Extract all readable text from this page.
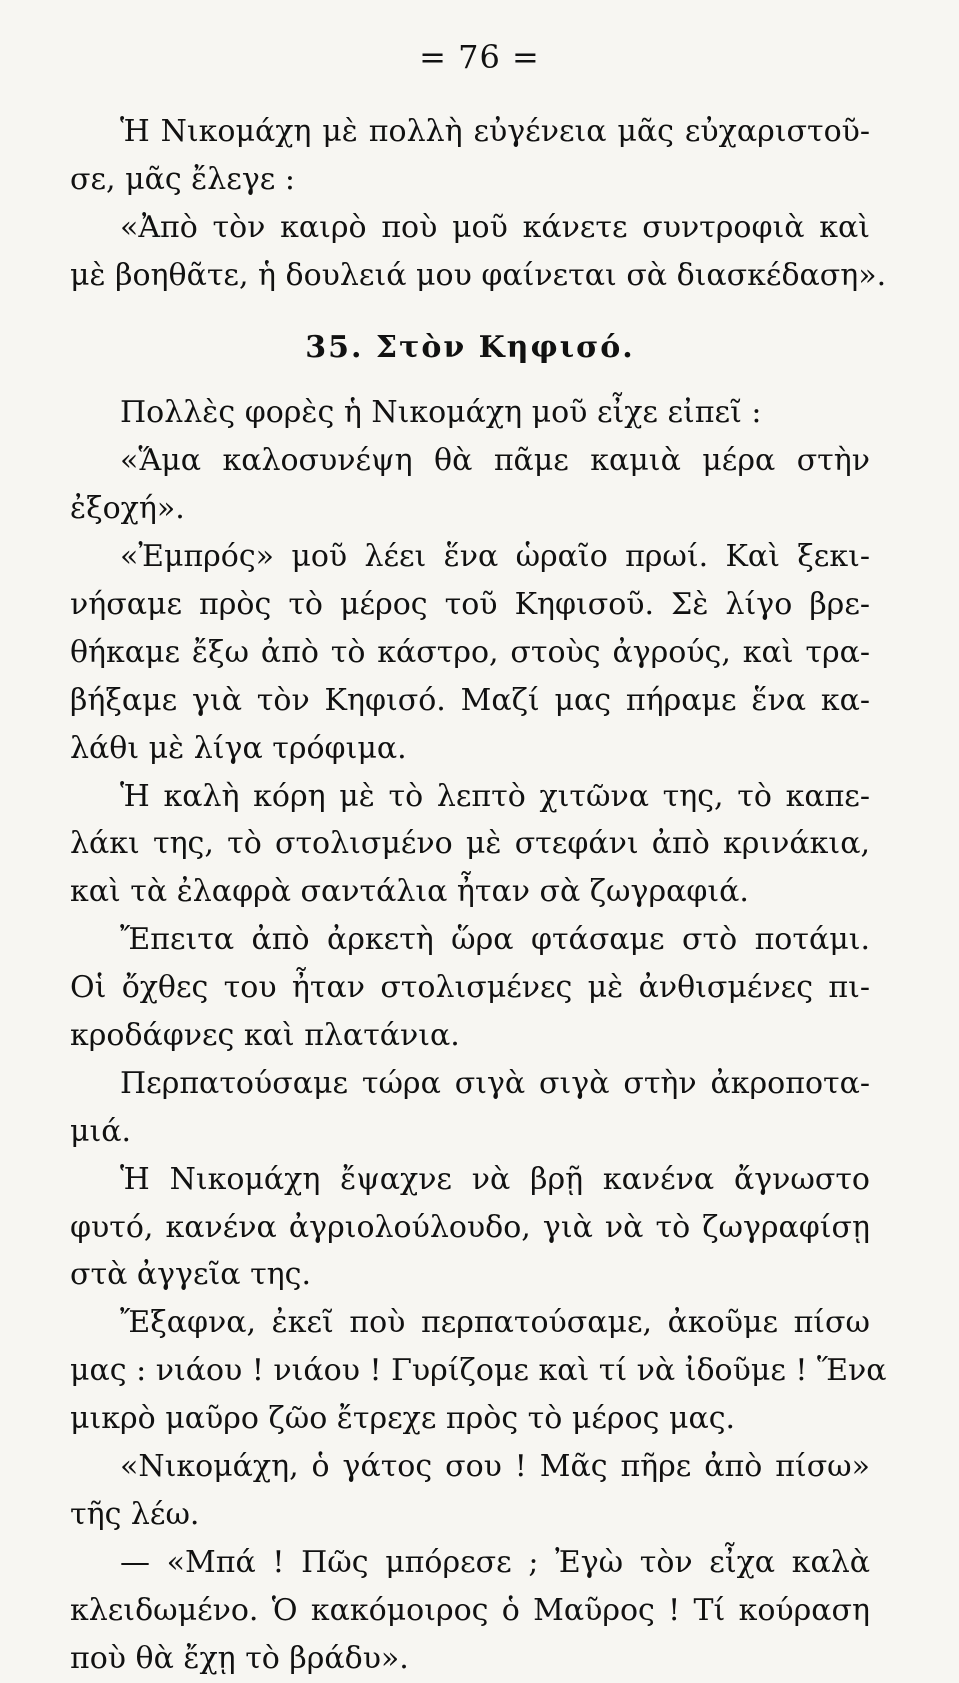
= 76 =
Ἡ Νικομάχη μὲ πολλὴ εὐγένεια μᾶς εὐχαριστοῦ-
σε, μᾶς ἔλεγε :
«Ἀπὸ τὸν καιρὸ ποὺ μοῦ κάνετε συντροφιὰ καὶ
μὲ βοηθᾶτε, ἡ δουλειά μου φαίνεται σὰ διασκέδαση».
35. Στὸν Κηφισό.
Πολλὲς φορὲς ἡ Νικομάχη μοῦ εἶχε εἰπεῖ :
«Ἅμα καλοσυνέψη θὰ πᾶμε καμιὰ μέρα στὴν
ἐξοχή».
«Ἐμπρός» μοῦ λέει ἕνα ὡραῖο πρωί. Καὶ ξεκι-
νήσαμε πρὸς τὸ μέρος τοῦ Κηφισοῦ. Σὲ λίγο βρε-
θήκαμε ἔξω ἀπὸ τὸ κάστρο, στοὺς ἀγρούς, καὶ τρα-
βήξαμε γιὰ τὸν Κηφισό. Μαζί μας πήραμε ἕνα κα-
λάθι μὲ λίγα τρόφιμα.
Ἡ καλὴ κόρη μὲ τὸ λεπτὸ χιτῶνα της, τὸ καπε-
λάκι της, τὸ στολισμένο μὲ στεφάνι ἀπὸ κρινάκια,
καὶ τὰ ἐλαφρὰ σαντάλια ἦταν σὰ ζωγραφιά.
Ἔπειτα ἀπὸ ἀρκετὴ ὥρα φτάσαμε στὸ ποτάμι.
Οἱ ὄχθες του ἦταν στολισμένες μὲ ἀνθισμένες πι-
κροδάφνες καὶ πλατάνια.
Περπατούσαμε τώρα σιγὰ σιγὰ στὴν ἀκροποτα-
μιά.
Ἡ Νικομάχη ἔψαχνε νὰ βρῇ κανένα ἄγνωστο
φυτό, κανένα ἀγριολούλουδο, γιὰ νὰ τὸ ζωγραφίσῃ
στὰ ἀγγεῖα της.
Ἔξαφνα, ἐκεῖ ποὺ περπατούσαμε, ἀκοῦμε πίσω
μας : νιάου ! νιάου ! Γυρίζομε καὶ τί νὰ ἰδοῦμε ! Ἕνα
μικρὸ μαῦρο ζῶο ἔτρεχε πρὸς τὸ μέρος μας.
«Νικομάχη, ὁ γάτος σου ! Μᾶς πῆρε ἀπὸ πίσω»
τῆς λέω.
— «Μπά ! Πῶς μπόρεσε ; Ἐγὼ τὸν εἶχα καλὰ
κλειδωμένο. Ὁ κακόμοιρος ὁ Μαῦρος ! Τί κούραση
ποὺ θὰ ἔχῃ τὸ βράδυ».
